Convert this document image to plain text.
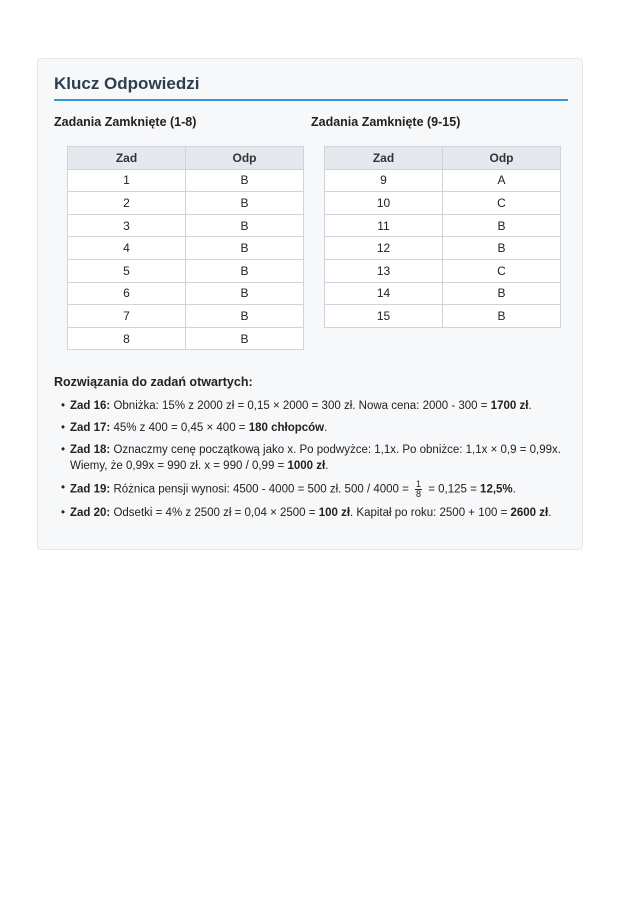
Klucz Odpowiedzi
Zadania Zamknięte (1-8)	Zadania Zamknięte (9-15)
Zad	Odp
1	B
2	B
3	B
4	B
5	B
6	B
7	B
8	B
Zad	Odp
9	A
10	C
11	B
12	B
13	C
14	B
15	B
Rozwiązania do zadań otwartych:
• Zad 16: Obniżka: 15% z 2000 zł = 0,15 × 2000 = 300 zł. Nowa cena: 2000 - 300 = 1700 zł.
• Zad 17: 45% z 400 = 0,45 × 400 = 180 chłopców.
• Zad 18: Oznaczmy cenę początkową jako x. Po podwyżce: 1,1x. Po obniżce: 1,1x × 0,9 = 0,99x. Wiemy, że 0,99x = 990 zł. x = 990 / 0,99 = 1000 zł.
• Zad 19: Różnica pensji wynosi: 4500 - 4000 = 500 zł. $500 / 4000 = \frac{1}{8} = 0,125 = 12,5\%$.
• Zad 20: Odsetki = 4% z 2500 zł = 0,04 × 2500 = 100 zł. Kapitał po roku: 2500 + 100 = 2600 zł.
